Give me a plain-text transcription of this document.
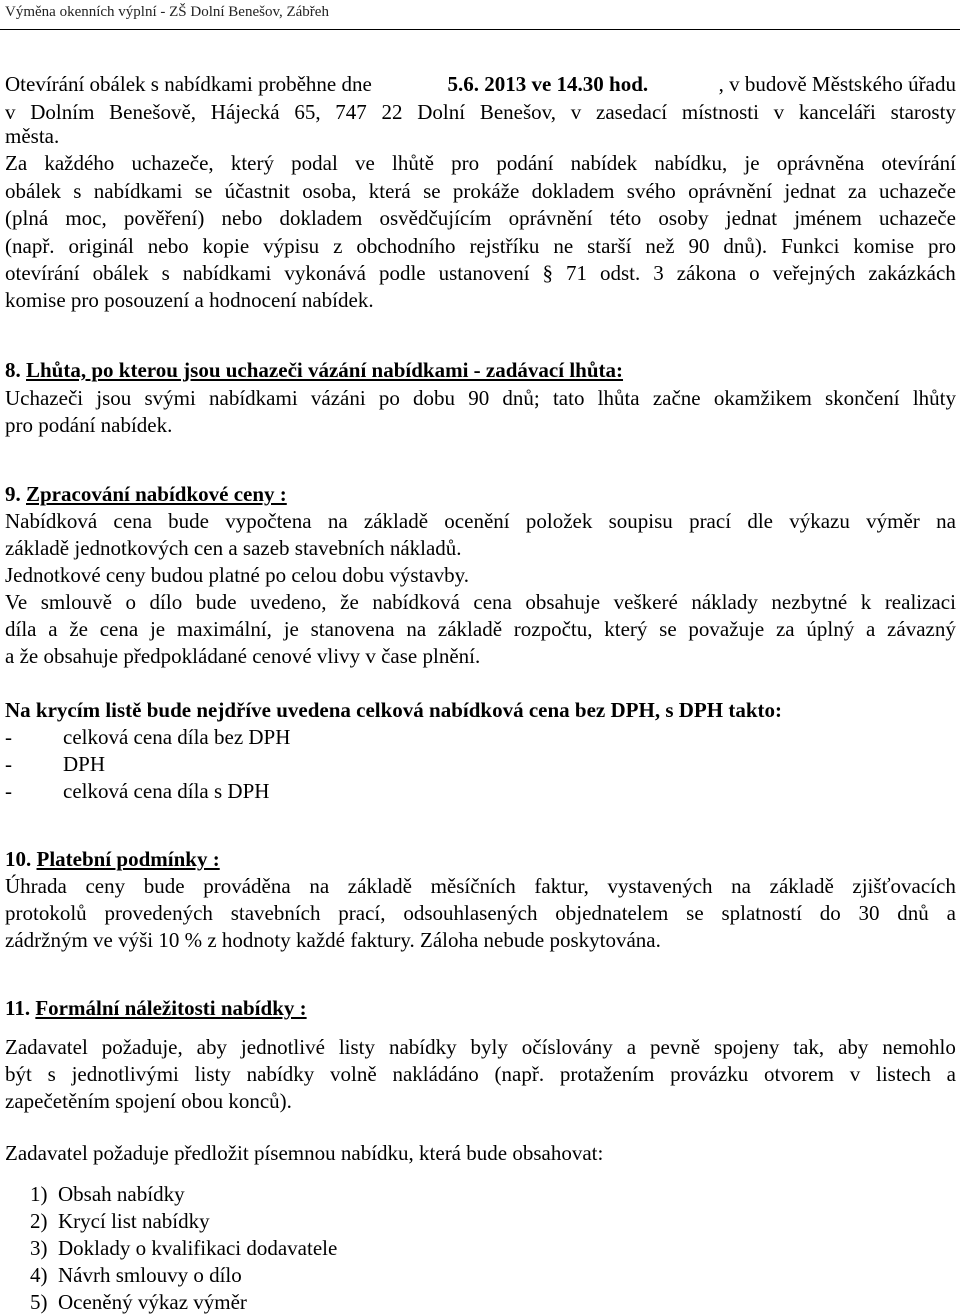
Výměna okenních výplní - ZŠ Dolní Benešov, Zábřeh
Otevírání obálek s nabídkami proběhne dne	5.6. 2013 ve 14.30 hod.	, v budově Městského úřadu
v Dolním Benešově, Hájecká 65, 747 22 Dolní Benešov, v zasedací místnosti v kanceláři starosty
města.
Za každého uchazeče, který podal ve lhůtě pro podání nabídek nabídku, je oprávněna otevírání
obálek s nabídkami se účastnit osoba, která se prokáže dokladem svého oprávnění jednat za uchazeče
(plná moc, pověření) nebo dokladem osvědčujícím oprávnění této osoby jednat jménem uchazeče
(např. originál nebo kopie výpisu z obchodního rejstříku ne starší než 90 dnů). Funkci komise pro
otevírání obálek s nabídkami vykonává podle ustanovení § 71 odst. 3 zákona o veřejných zakázkách
komise pro posouzení a hodnocení nabídek.
8. Lhůta, po kterou jsou uchazeči vázání nabídkami - zadávací lhůta:
Uchazeči jsou svými nabídkami vázáni po dobu 90 dnů; tato lhůta začne okamžikem skončení lhůty
pro podání nabídek.
9. Zpracování nabídkové ceny :
Nabídková cena bude vypočtena na základě ocenění položek soupisu prací dle výkazu výměr na
základě jednotkových cen a sazeb stavebních nákladů.
Jednotkové ceny budou platné po celou dobu výstavby.
Ve smlouvě o dílo bude uvedeno, že nabídková cena obsahuje veškeré náklady nezbytné k realizaci
díla a že cena je maximální, je stanovena na základě rozpočtu, který se považuje za úplný a závazný
a že obsahuje předpokládané cenové vlivy v čase plnění.
Na krycím listě bude nejdříve uvedena celková nabídková cena bez DPH, s DPH takto:
- celková cena díla bez DPH
- DPH
- celková cena díla s DPH
10. Platební podmínky :
Úhrada ceny bude prováděna na základě měsíčních faktur, vystavených na základě zjišťovacích
protokolů provedených stavebních prací, odsouhlasených objednatelem se splatností do 30 dnů a
zádržným ve výši 10 % z hodnoty každé faktury. Záloha nebude poskytována.
11. Formální náležitosti nabídky :
Zadavatel požaduje, aby jednotlivé listy nabídky byly očíslovány a pevně spojeny tak, aby nemohlo
být s jednotlivými listy nabídky volně nakládáno (např. protažením provázku otvorem v listech a
zapečetěním spojení obou konců).
Zadavatel požaduje předložit písemnou nabídku, která bude obsahovat:
1) Obsah nabídky
2) Krycí list nabídky
3) Doklady o kvalifikaci dodavatele
4) Návrh smlouvy o dílo
5) Oceněný výkaz výměr
